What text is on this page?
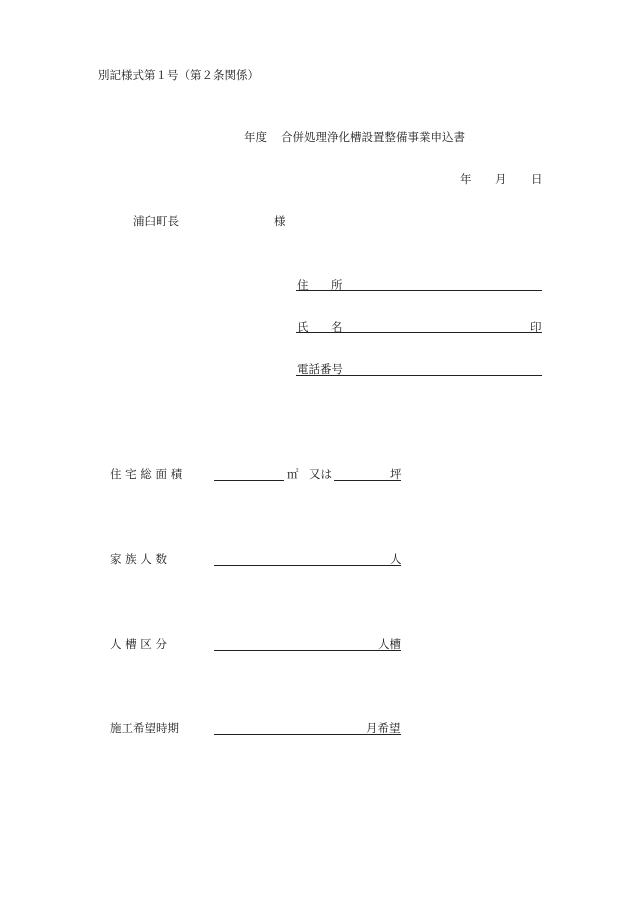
別記様式第１号（第２条関係）
年度 合併処理浄化槽設置整備事業申込書
年 月 日
浦臼町長	様
住 所
氏 名	印
電話番号
住 宅 総 面 積	㎡ 又は	坪
家 族 人 数	人
人 槽 区 分	人槽
施工希望時期	月希望
